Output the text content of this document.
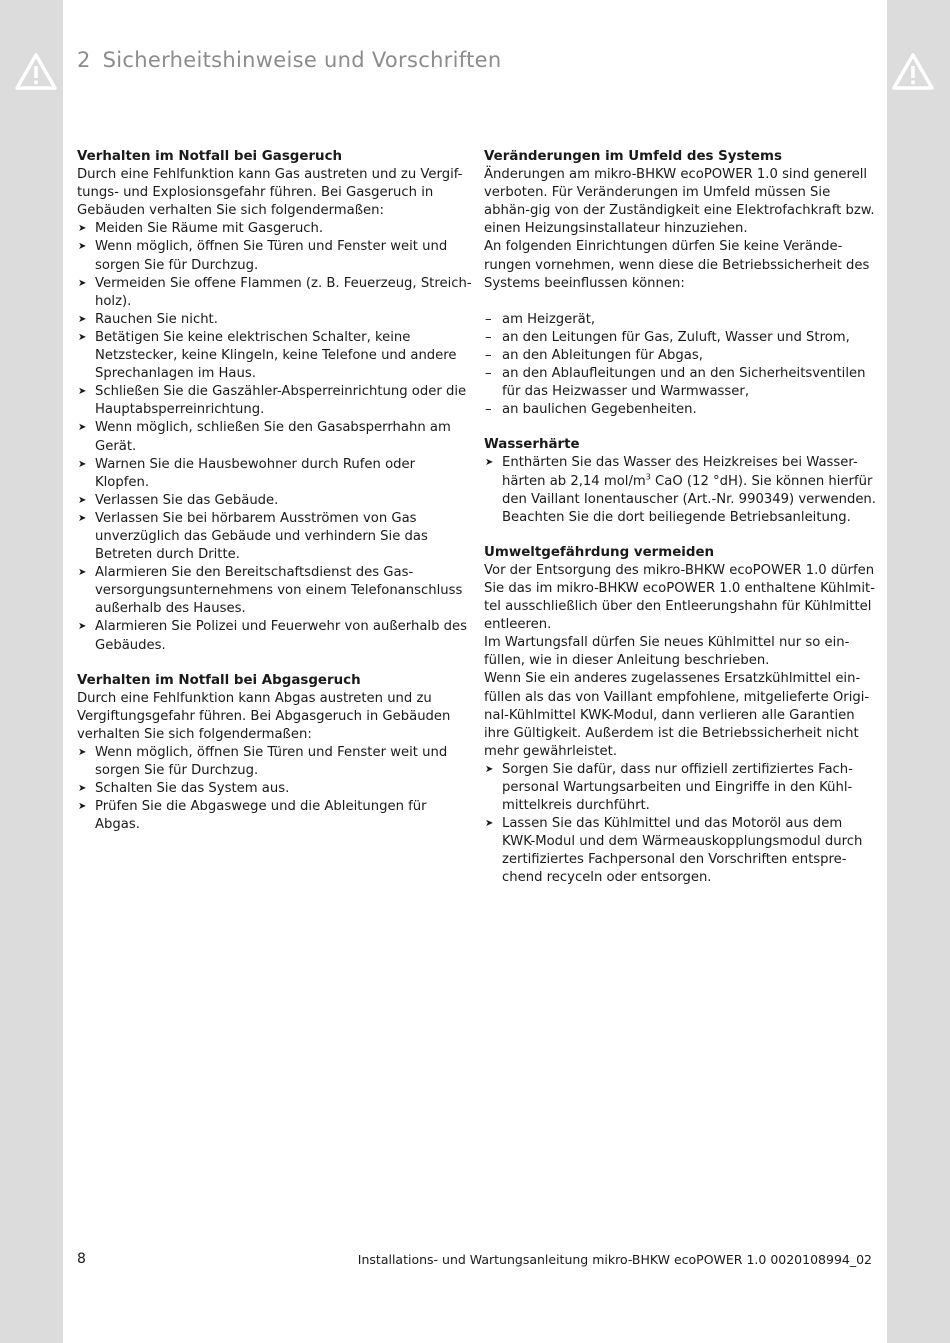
2 Sicherheitshinweise und Vorschriften
Verhalten im Notfall bei Gasgeruch

Durch eine Fehlfunktion kann Gas austreten und zu Vergif-tungs- und Explosionsgefahr führen. Bei Gasgeruch in Gebäuden verhalten Sie sich folgendermaßen:

➤ Meiden Sie Räume mit Gasgeruch.
➤ Wenn möglich, öffnen Sie Türen und Fenster weit und sorgen Sie für Durchzug.
➤ Vermeiden Sie offene Flammen (z. B. Feuerzeug, Streich-holz).
➤ Rauchen Sie nicht.
➤ Betätigen Sie keine elektrischen Schalter, keine Netzstecker, keine Klingeln, keine Telefone und andere Sprechanlagen im Haus.
➤ Schließen Sie die Gaszähler-Absperreinrichtung oder die Hauptabsperreinrichtung.
➤ Wenn möglich, schließen Sie den Gasabsperrhahn am Gerät.
➤ Warnen Sie die Hausbewohner durch Rufen oder Klopfen.
➤ Verlassen Sie das Gebäude.
➤ Verlassen Sie bei hörbarem Ausströmen von Gas unverzüglich das Gebäude und verhindern Sie das Betreten durch Dritte.
➤ Alarmieren Sie den Bereitschaftsdienst des Gas-versorgungsunternehmens von einem Telefonanschluss außerhalb des Hauses.
➤ Alarmieren Sie Polizei und Feuerwehr von außerhalb des Gebäudes.
Verhalten im Notfall bei Abgasgeruch

Durch eine Fehlfunktion kann Abgas austreten und zu Vergiftungsgefahr führen. Bei Abgasgeruch in Gebäuden verhalten Sie sich folgendermaßen:

➤ Wenn möglich, öffnen Sie Türen und Fenster weit und sorgen Sie für Durchzug.
➤ Schalten Sie das System aus.
➤ Prüfen Sie die Abgaswege und die Ableitungen für Abgas.
Veränderungen im Umfeld des Systems

Änderungen am mikro-BHKW ecoPOWER 1.0 sind generell verboten. Für Veränderungen im Umfeld müssen Sie abhän-gig von der Zuständigkeit eine Elektrofachkraft bzw. einen Heizungsinstallateur hinzuziehen.

An folgenden Einrichtungen dürfen Sie keine Verände-rungen vornehmen, wenn diese die Betriebssicherheit des Systems beeinflussen können:

– am Heizgerät,
– an den Leitungen für Gas, Zuluft, Wasser und Strom,
– an den Ableitungen für Abgas,
– an den Ablaufleitungen und an den Sicherheitsventilen für das Heizwasser und Warmwasser,
– an baulichen Gegebenheiten.
Wasserhärte
➤ Enthärten Sie das Wasser des Heizkreises bei Wasser-härten ab 2,14 mol/$m^3$ CaO (12 °dH). Sie können hierfür den Vaillant Ionentauscher (Art.-Nr. 990349) verwenden. Beachten Sie die dort beiliegende Betriebsanleitung.
Umweltgefährdung vermeiden

Vor der Entsorgung des mikro-BHKW ecoPOWER 1.0 dürfen Sie das im mikro-BHKW ecoPOWER 1.0 enthaltene Kühlmit-tel ausschließlich über den Entleerungshahn für Kühlmittel entleeren.

Im Wartungsfall dürfen Sie neues Kühlmittel nur so ein-füllen, wie in dieser Anleitung beschrieben.

Wenn Sie ein anderes zugelassenes Ersatzkühlmittel ein-füllen als das von Vaillant empfohlene, mitgelieferte Origi-nal-Kühlmittel KWK-Modul, dann verlieren alle Garantien ihre Gültigkeit. Außerdem ist die Betriebssicherheit nicht mehr gewährleistet.

➤ Sorgen Sie dafür, dass nur offiziell zertifiziertes Fach-personal Wartungsarbeiten und Eingriffe in den Kühl-mittelkreis durchführt.
➤ Lassen Sie das Kühlmittel und das Motoröl aus dem KWK-Modul und dem Wärmeauskopplungsmodul durch zertifiziertes Fachpersonal den Vorschriften entspre-chend recyceln oder entsorgen.
8	Installations- und Wartungsanleitung mikro-BHKW ecoPOWER 1.0 0020108994_02
